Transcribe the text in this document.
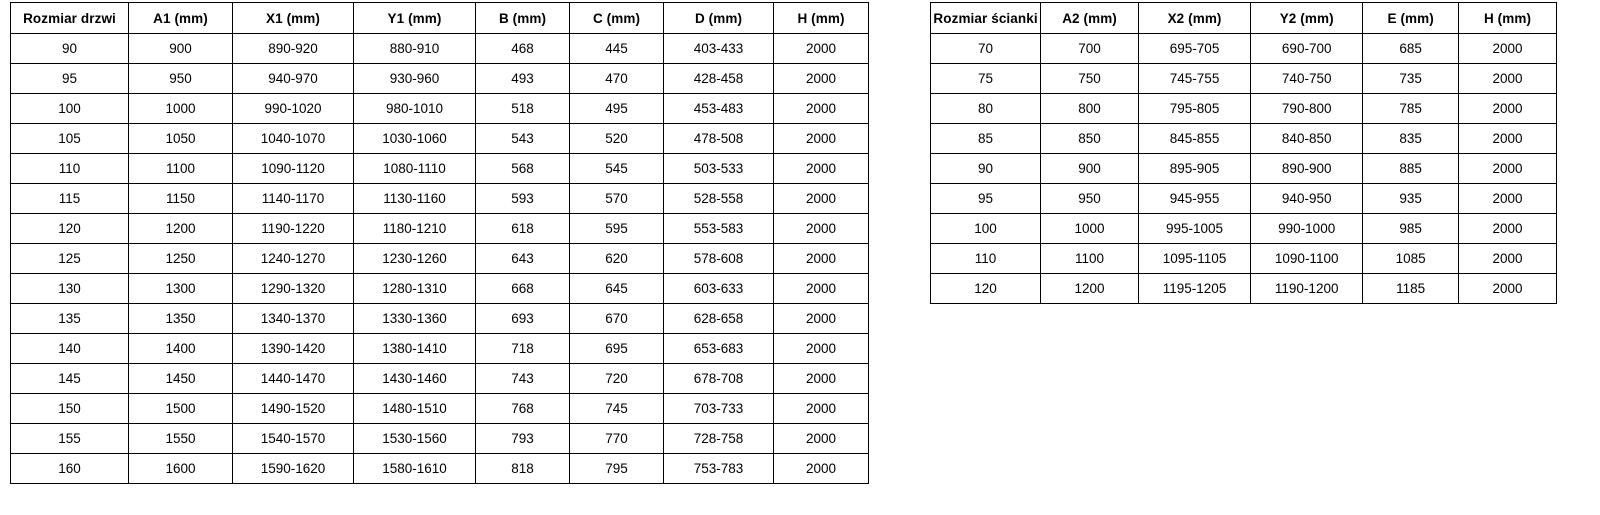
Rozmiar drzwi	A1 (mm)	X1 (mm)	Y1 (mm)	B (mm)	C (mm)	D (mm)	H (mm)
90	900	890-920	880-910	468	445	403-433	2000
95	950	940-970	930-960	493	470	428-458	2000
100	1000	990-1020	980-1010	518	495	453-483	2000
105	1050	1040-1070	1030-1060	543	520	478-508	2000
110	1100	1090-1120	1080-1110	568	545	503-533	2000
115	1150	1140-1170	1130-1160	593	570	528-558	2000
120	1200	1190-1220	1180-1210	618	595	553-583	2000
125	1250	1240-1270	1230-1260	643	620	578-608	2000
130	1300	1290-1320	1280-1310	668	645	603-633	2000
135	1350	1340-1370	1330-1360	693	670	628-658	2000
140	1400	1390-1420	1380-1410	718	695	653-683	2000
145	1450	1440-1470	1430-1460	743	720	678-708	2000
150	1500	1490-1520	1480-1510	768	745	703-733	2000
155	1550	1540-1570	1530-1560	793	770	728-758	2000
160	1600	1590-1620	1580-1610	818	795	753-783	2000
Rozmiar ścianki	A2 (mm)	X2 (mm)	Y2 (mm)	E (mm)	H (mm)
70	700	695-705	690-700	685	2000
75	750	745-755	740-750	735	2000
80	800	795-805	790-800	785	2000
85	850	845-855	840-850	835	2000
90	900	895-905	890-900	885	2000
95	950	945-955	940-950	935	2000
100	1000	995-1005	990-1000	985	2000
110	1100	1095-1105	1090-1100	1085	2000
120	1200	1195-1205	1190-1200	1185	2000
